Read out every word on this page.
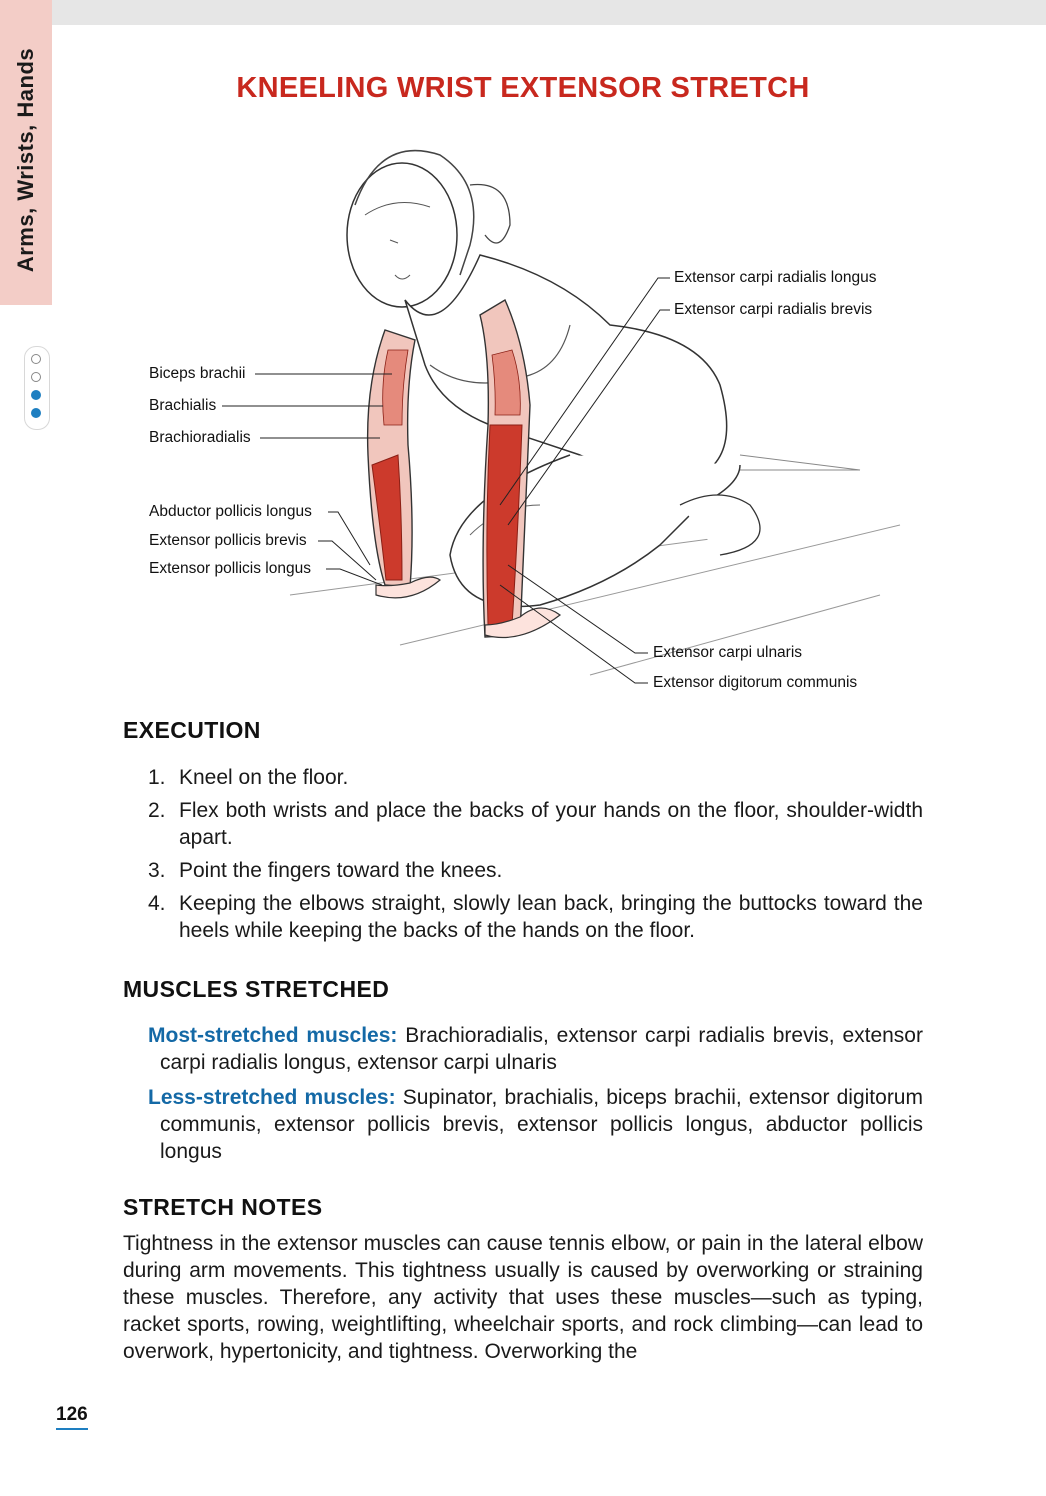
Arms, Wrists, Hands	KNEELING WRIST EXTENSOR STRETCH
Biceps brachii
Brachialis
Brachioradialis
Abductor pollicis longus
Extensor pollicis brevis
Extensor pollicis longus
Extensor carpi radialis longus
Extensor carpi radialis brevis
Extensor carpi ulnaris
Extensor digitorum communis
EXECUTION
1. Kneel on the floor.
2. Flex both wrists and place the backs of your hands on the floor, shoulder-width apart.
3. Point the fingers toward the knees.
4. Keeping the elbows straight, slowly lean back, bringing the buttocks toward the heels while keeping the backs of the hands on the floor.
MUSCLES STRETCHED
Most-stretched muscles: Brachioradialis, extensor carpi radialis brevis, extensor carpi radialis longus, extensor carpi ulnaris
Less-stretched muscles: Supinator, brachialis, biceps brachii, extensor digitorum communis, extensor pollicis brevis, extensor pollicis longus, abductor pollicis longus
STRETCH NOTES
Tightness in the extensor muscles can cause tennis elbow, or pain in the lateral elbow during arm movements. This tightness usually is caused by overworking or straining these muscles. Therefore, any activity that uses these muscles—such as typing, racket sports, rowing, weightlifting, wheelchair sports, and rock climbing—can lead to overwork, hypertonicity, and tightness. Overworking the
126
